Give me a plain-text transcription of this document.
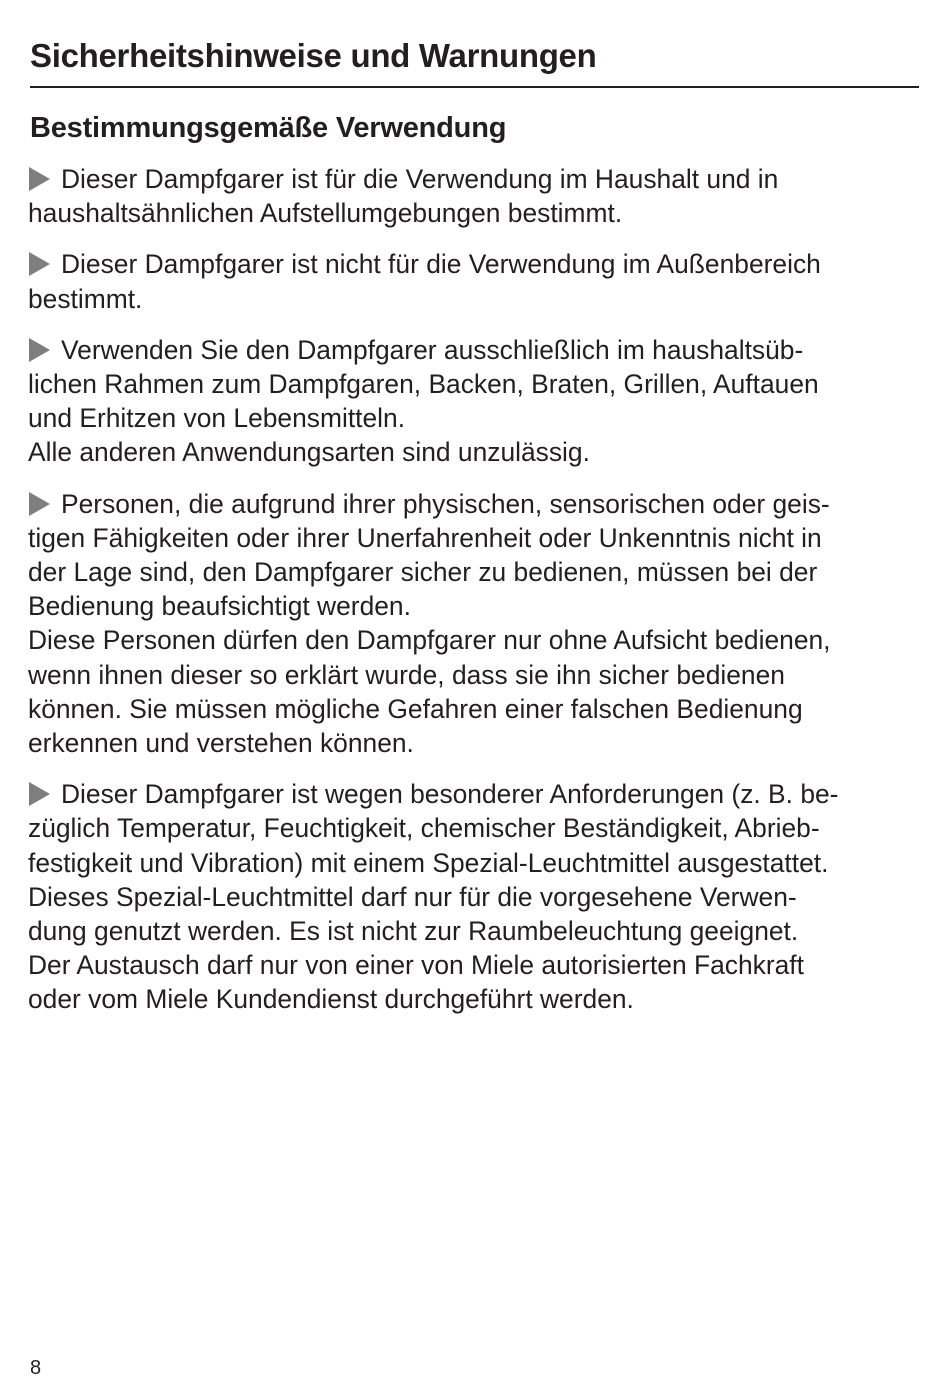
Sicherheitshinweise und Warnungen
Bestimmungsgemäße Verwendung

Dieser Dampfgarer ist für die Verwendung im Haushalt und in

haushaltsähnlichen Aufstellumgebungen bestimmt.

Dieser Dampfgarer ist nicht für die Verwendung im Außenbereich

bestimmt.

Verwenden Sie den Dampfgarer ausschließlich im haushaltsüb-

lichen Rahmen zum Dampfgaren, Backen, Braten, Grillen, Auftauen

und Erhitzen von Lebensmitteln.

Alle anderen Anwendungsarten sind unzulässig.

Personen, die aufgrund ihrer physischen, sensorischen oder geis-

tigen Fähigkeiten oder ihrer Unerfahrenheit oder Unkenntnis nicht in

der Lage sind, den Dampfgarer sicher zu bedienen, müssen bei der

Bedienung beaufsichtigt werden.

Diese Personen dürfen den Dampfgarer nur ohne Aufsicht bedienen,

wenn ihnen dieser so erklärt wurde, dass sie ihn sicher bedienen

können. Sie müssen mögliche Gefahren einer falschen Bedienung

erkennen und verstehen können.

Dieser Dampfgarer ist wegen besonderer Anforderungen (z. B. be-

züglich Temperatur, Feuchtigkeit, chemischer Beständigkeit, Abrieb-

festigkeit und Vibration) mit einem Spezial-Leuchtmittel ausgestattet.

Dieses Spezial-Leuchtmittel darf nur für die vorgesehene Verwen-

dung genutzt werden. Es ist nicht zur Raumbeleuchtung geeignet.

Der Austausch darf nur von einer von Miele autorisierten Fachkraft

oder vom Miele Kundendienst durchgeführt werden.

8
